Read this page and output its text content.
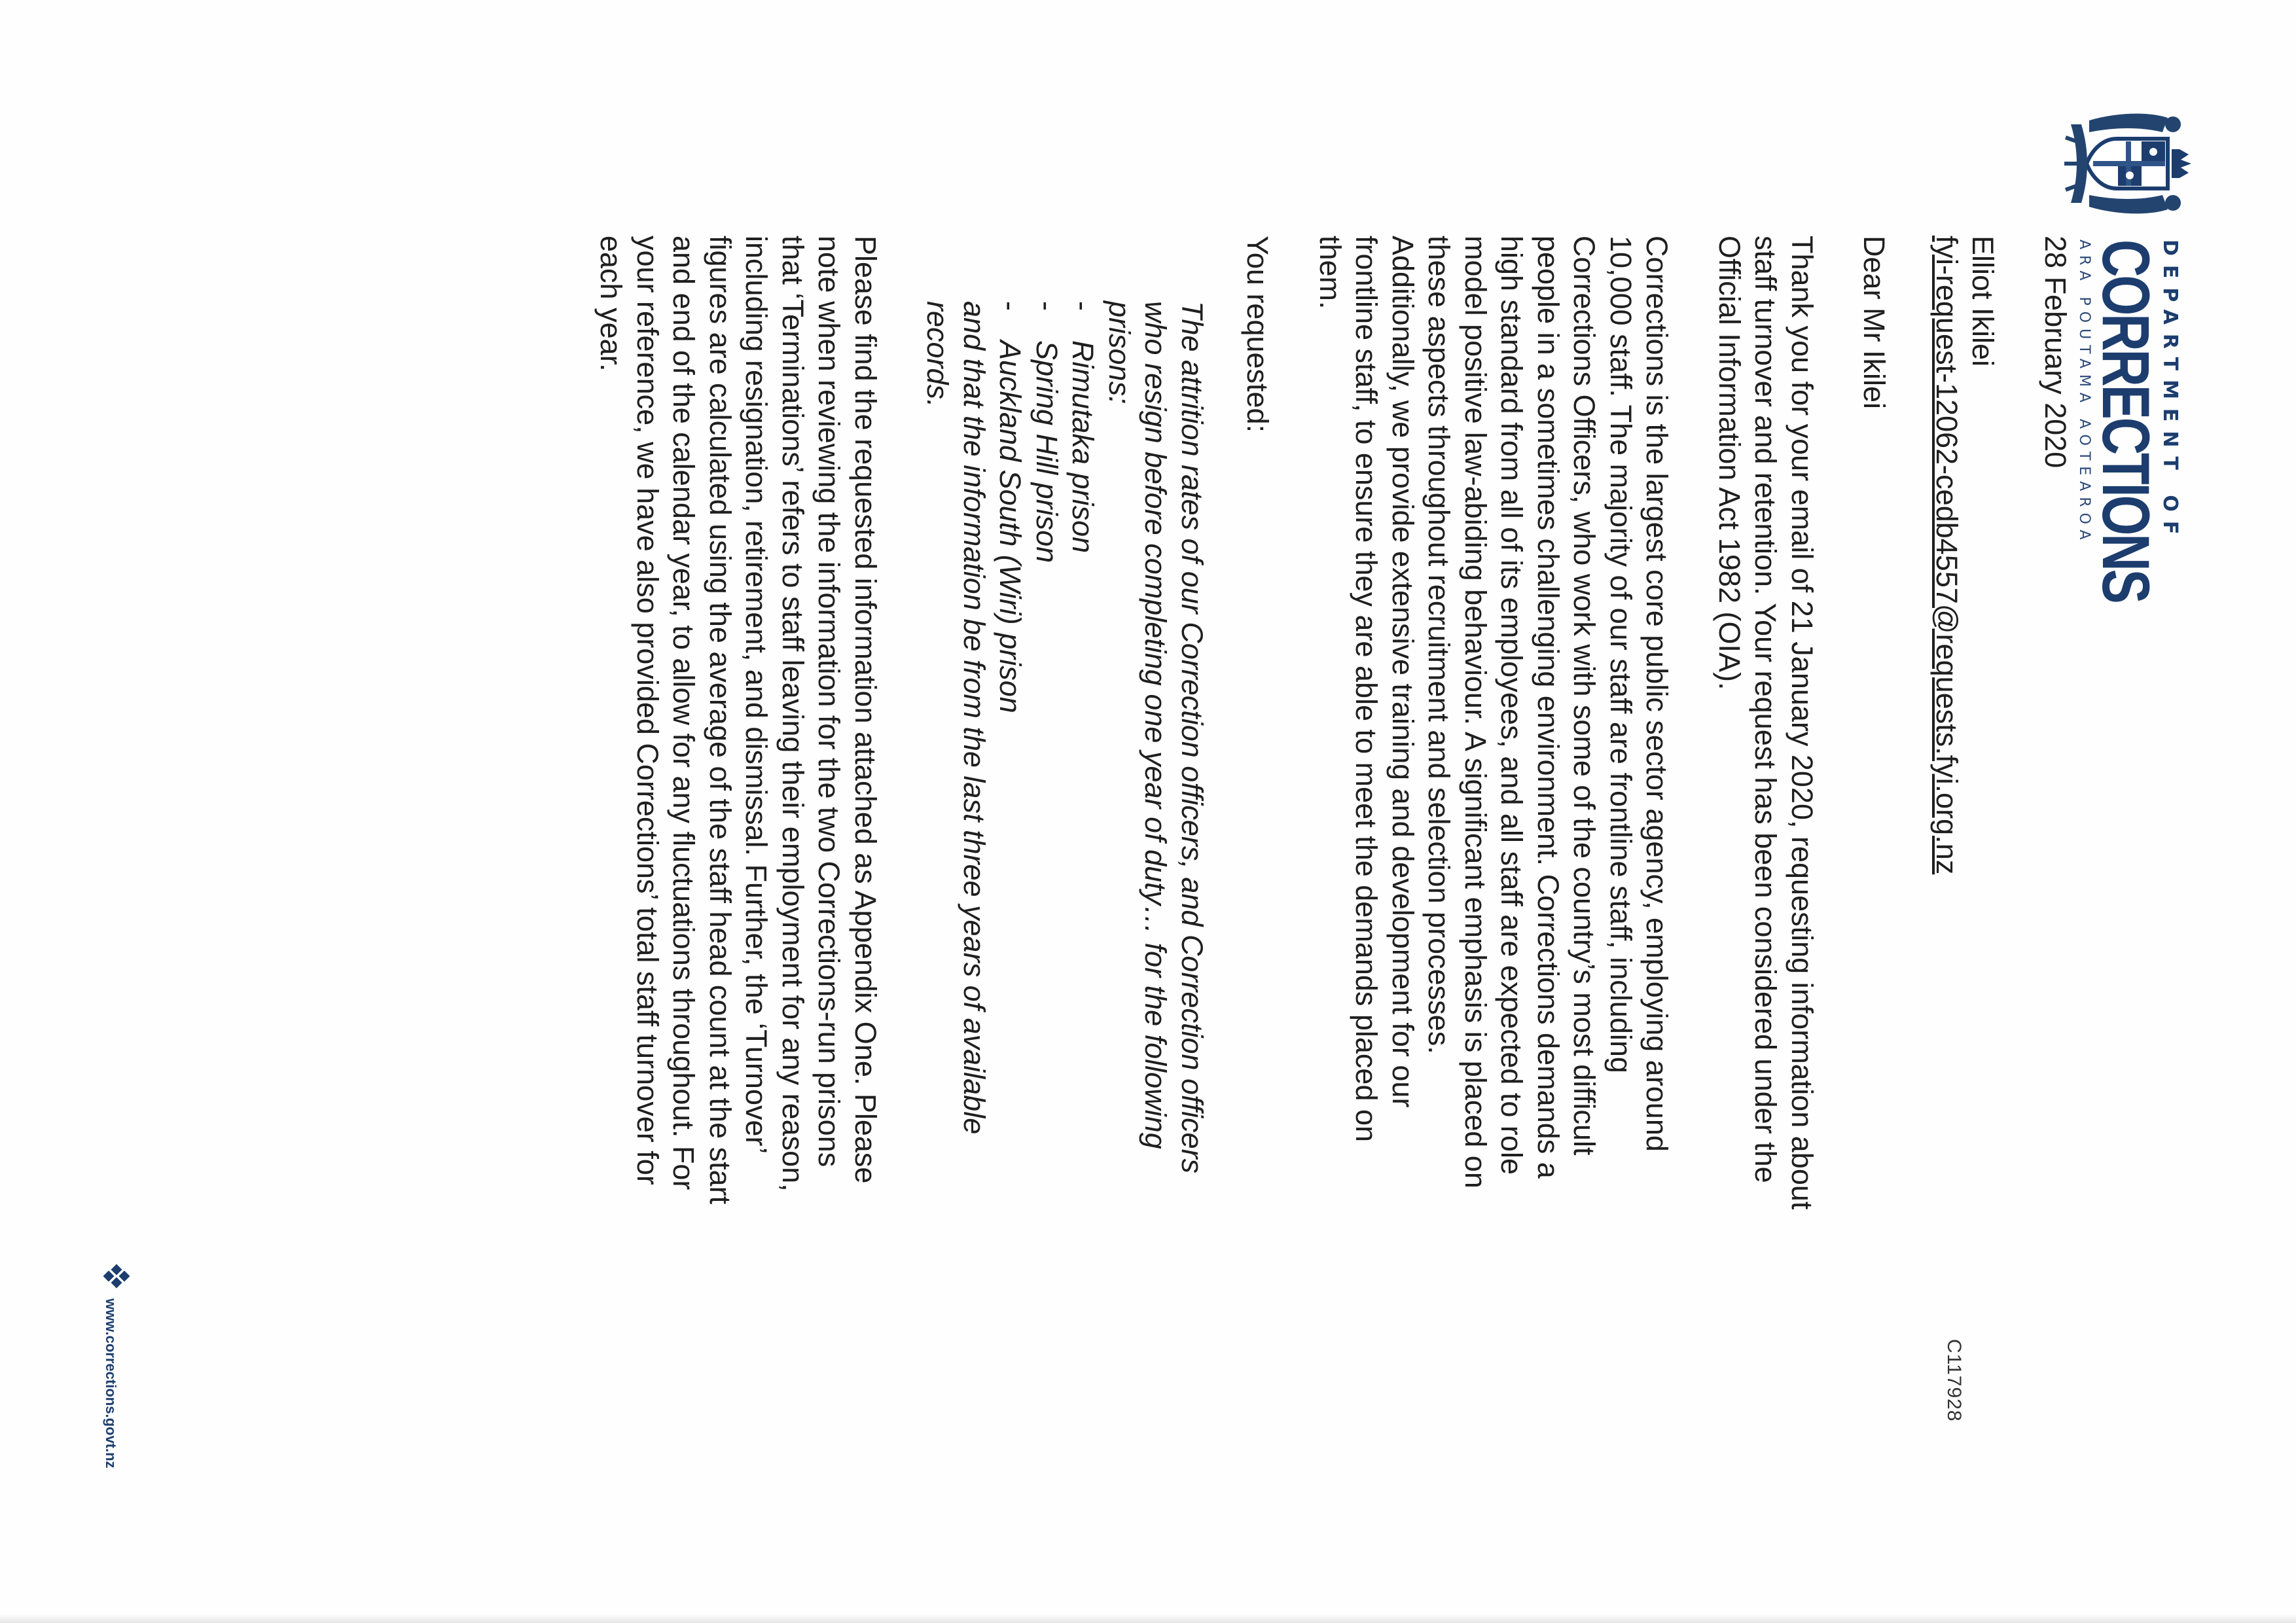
DEPARTMENT OF
CORRECTIONS
ARA POUTAMA AOTEAROA
C117928

28 February 2020

Elliot Ikilei
fyi-request-12062-cedb4557@requests.fyi.org.nz

Dear Mr Ikilei

Thank you for your email of 21 January 2020, requesting information about staff turnover and retention. Your request has been considered under the Official Information Act 1982 (OIA).

Corrections is the largest core public sector agency, employing around 10,000 staff. The majority of our staff are frontline staff, including Corrections Officers, who work with some of the country’s most difficult people in a sometimes challenging environment. Corrections demands a high standard from all of its employees, and all staff are expected to role model positive law-abiding behaviour. A significant emphasis is placed on these aspects throughout recruitment and selection processes. Additionally, we provide extensive training and development for our frontline staff, to ensure they are able to meet the demands placed on them.

You requested:

The attrition rates of our Correction officers, and Correction officers who resign before completing one year of duty… for the following prisons:
-Rimutaka prison
-Spring Hill prison
-Auckland South (Wiri) prison
and that the information be from the last three years of available records.

Please find the requested information attached as Appendix One. Please note when reviewing the information for the two Corrections-run prisons that ‘Terminations’ refers to staff leaving their employment for any reason, including resignation, retirement, and dismissal. Further, the ‘Turnover’ figures are calculated using the average of the staff head count at the start and end of the calendar year, to allow for any fluctuations throughout. For your reference, we have also provided Corrections’ total staff turnover for each year.

www.corrections.govt.nz
